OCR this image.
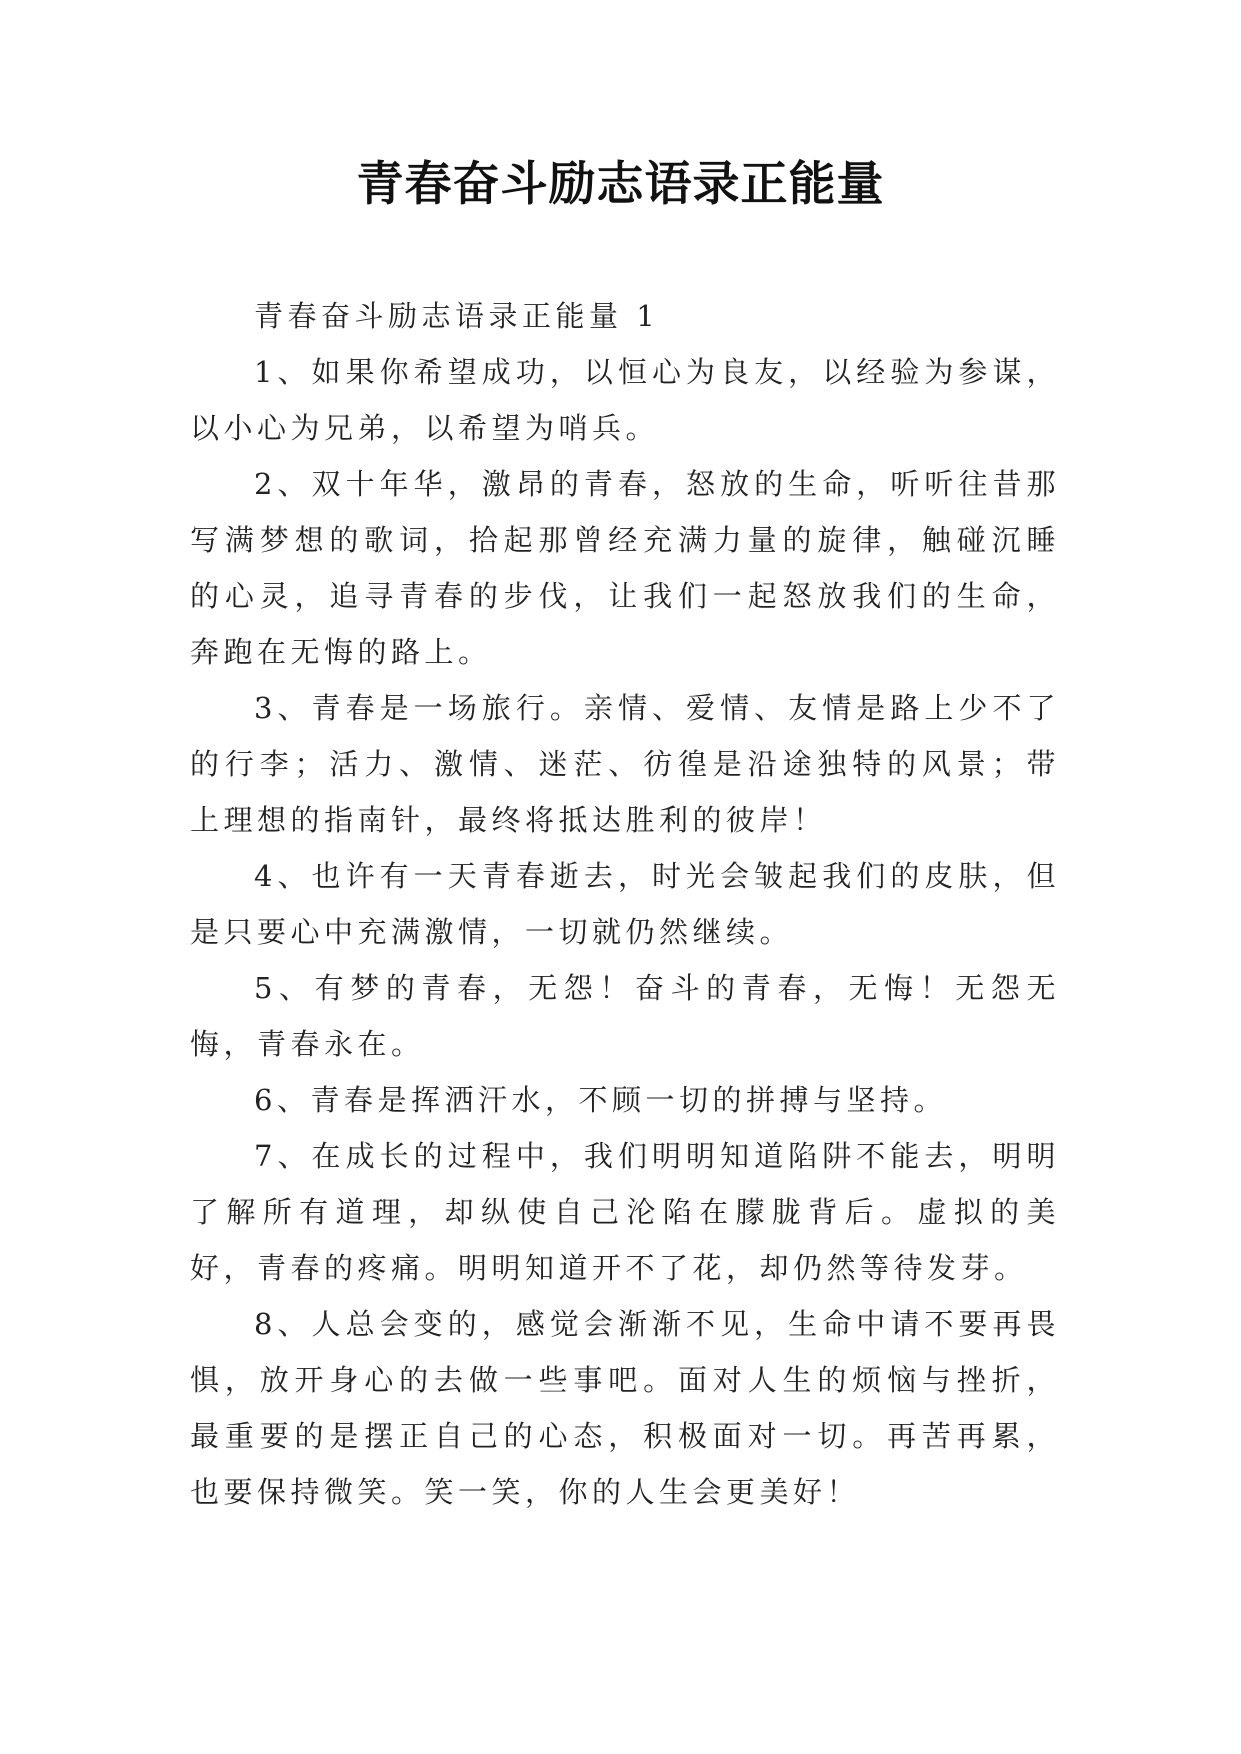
青春奋斗励志语录正能量

青春奋斗励志语录正能量 1

1、如果你希望成功，以恒心为良友，以经验为参谋，以小心为兄弟，以希望为哨兵。

2、双十年华，激昂的青春，怒放的生命，听听往昔那写满梦想的歌词，拾起那曾经充满力量的旋律，触碰沉睡的心灵，追寻青春的步伐，让我们一起怒放我们的生命，奔跑在无悔的路上。

3、青春是一场旅行。亲情、爱情、友情是路上少不了的行李；活力、激情、迷茫、彷徨是沿途独特的风景；带上理想的指南针，最终将抵达胜利的彼岸！

4、也许有一天青春逝去，时光会皱起我们的皮肤，但是只要心中充满激情，一切就仍然继续。

5、有梦的青春，无怨！奋斗的青春，无悔！无怨无悔，青春永在。

6、青春是挥洒汗水，不顾一切的拼搏与坚持。

7、在成长的过程中，我们明明知道陷阱不能去，明明了解所有道理，却纵使自己沦陷在朦胧背后。虚拟的美好，青春的疼痛。明明知道开不了花，却仍然等待发芽。

8、人总会变的，感觉会渐渐不见，生命中请不要再畏惧，放开身心的去做一些事吧。面对人生的烦恼与挫折，最重要的是摆正自己的心态，积极面对一切。再苦再累，也要保持微笑。笑一笑，你的人生会更美好！
